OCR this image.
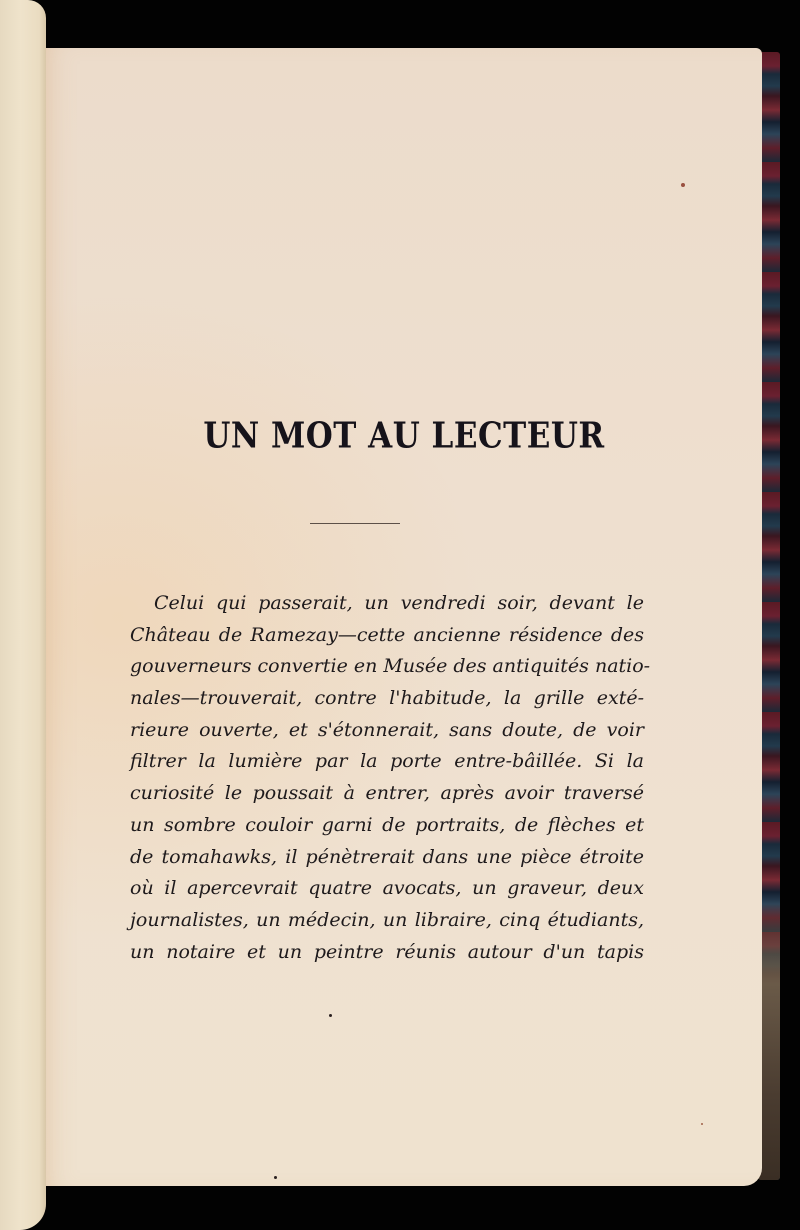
UN MOT AU LECTEUR

Celui qui passerait, un vendredi soir, devant le
Château de Ramezay—cette ancienne résidence des
gouverneurs convertie en Musée des antiquités natio-
nales—trouverait, contre l'habitude, la grille exté-
rieure ouverte, et s'étonnerait, sans doute, de voir
filtrer la lumière par la porte entre-bâillée. Si la
curiosité le poussait à entrer, après avoir traversé
un sombre couloir garni de portraits, de flèches et
de tomahawks, il pénètrerait dans une pièce étroite
où il apercevrait quatre avocats, un graveur, deux
journalistes, un médecin, un libraire, cinq étudiants,
un notaire et un peintre réunis autour d'un tapis
